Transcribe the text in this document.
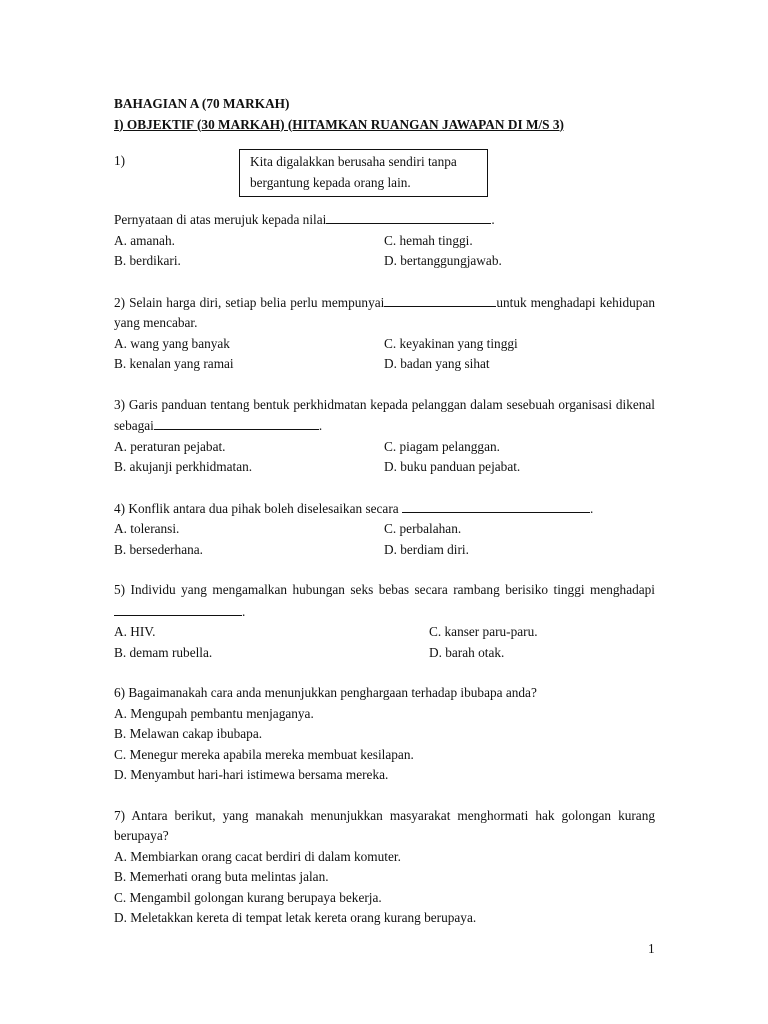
BAHAGIAN A (70 MARKAH)

I) OBJEKTIF (30 MARKAH) (HITAMKAN RUANGAN JAWAPAN DI M/S 3)

1)	Kita digalakkan berusaha sendiri tanpa
bergantung kepada orang lain.

Pernyataan di atas merujuk kepada nilai	.

A. amanah.	C. hemah tinggi.
B. berdikari.	D. bertanggungjawab.

2) Selain harga diri, setiap belia perlu mempunyai	untuk menghadapi kehidupan yang mencabar.

A. wang yang banyak	C. keyakinan yang tinggi
B. kenalan yang ramai	D. badan yang sihat

3) Garis panduan tentang bentuk perkhidmatan kepada pelanggan dalam sesebuah organisasi dikenal sebagai	.

A. peraturan pejabat.	C. piagam pelanggan.
B. akujanji perkhidmatan.	D. buku panduan pejabat.

4) Konflik antara dua pihak boleh diselesaikan secara	.

A. toleransi.	C. perbalahan.
B. bersederhana.	D. berdiam diri.

5) Individu yang mengamalkan hubungan seks bebas secara rambang berisiko tinggi menghadapi.

A. HIV.	C. kanser paru-paru.
B. demam rubella.	D. barah otak.

6) Bagaimanakah cara anda menunjukkan penghargaan terhadap ibubapa anda?

A. Mengupah pembantu menjaganya.
B. Melawan cakap ibubapa.
C. Menegur mereka apabila mereka membuat kesilapan.
D. Menyambut hari-hari istimewa bersama mereka.

7) Antara berikut, yang manakah menunjukkan masyarakat menghormati hak golongan kurang berupaya?

A. Membiarkan orang cacat berdiri di dalam komuter.
B. Memerhati orang buta melintas jalan.
C. Mengambil golongan kurang berupaya bekerja.
D. Meletakkan kereta di tempat letak kereta orang kurang berupaya.
1
